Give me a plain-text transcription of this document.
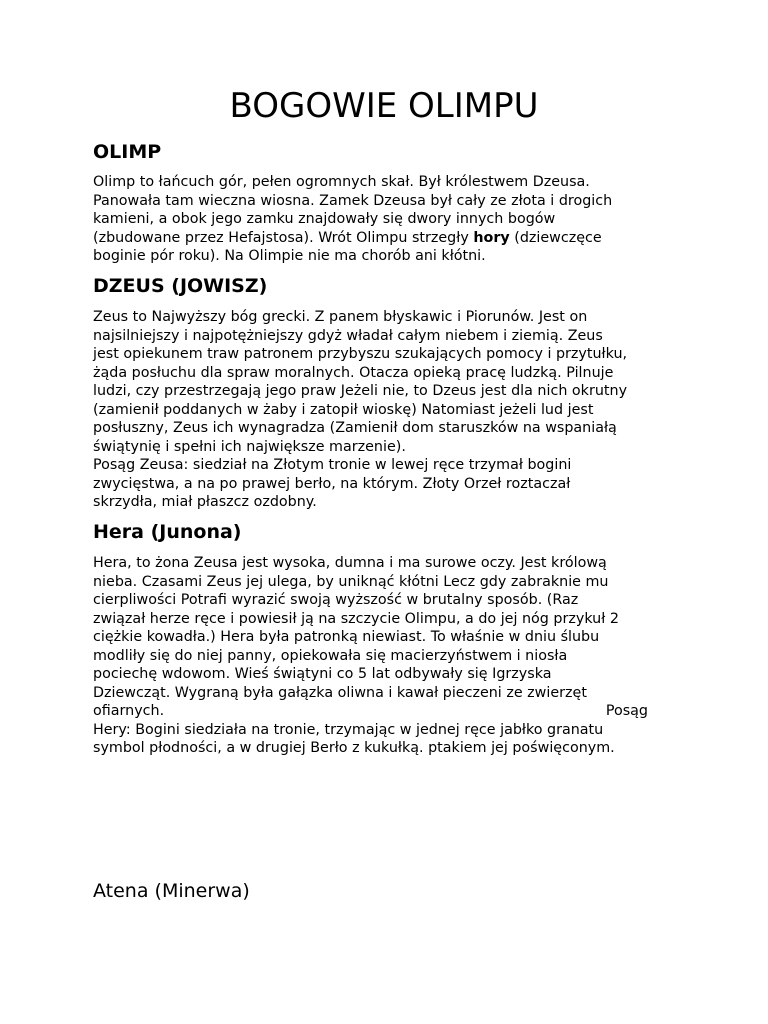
BOGOWIE OLIMPU
OLIMP
Olimp to łańcuch gór, pełen ogromnych skał. Był królestwem Dzeusa.
Panowała tam wieczna wiosna. Zamek Dzeusa był cały ze złota i drogich
kamieni, a obok jego zamku znajdowały się dwory innych bogów
(zbudowane przez Hefajstosa). Wrót Olimpu strzegły hory (dziewczęce
boginie pór roku). Na Olimpie nie ma chorób ani kłótni.
DZEUS (JOWISZ)
Zeus to Najwyższy bóg grecki. Z panem błyskawic i Piorunów. Jest on
najsilniejszy i najpotężniejszy gdyż władał całym niebem i ziemią. Zeus
jest opiekunem traw patronem przybyszu szukających pomocy i przytułku,
żąda posłuchu dla spraw moralnych. Otacza opieką pracę ludzką. Pilnuje
ludzi, czy przestrzegają jego praw Jeżeli nie, to Dzeus jest dla nich okrutny
(zamienił poddanych w żaby i zatopił wioskę) Natomiast jeżeli lud jest
posłuszny, Zeus ich wynagradza (Zamienił dom staruszków na wspaniałą
świątynię i spełni ich największe marzenie).
Posąg Zeusa: siedział na Złotym tronie w lewej ręce trzymał bogini
zwycięstwa, a na po prawej berło, na którym. Złoty Orzeł roztaczał
skrzydła, miał płaszcz ozdobny.
Hera (Junona)
Hera, to żona Zeusa jest wysoka, dumna i ma surowe oczy. Jest królową
nieba. Czasami Zeus jej ulega, by uniknąć kłótni Lecz gdy zabraknie mu
cierpliwości Potrafi wyrazić swoją wyższość w brutalny sposób. (Raz
związał herze ręce i powiesił ją na szczycie Olimpu, a do jej nóg przykuł 2
ciężkie kowadła.) Hera była patronką niewiast. To właśnie w dniu ślubu
modliły się do niej panny, opiekowała się macierzyństwem i niosła
pociechę wdowom. Wieś świątyni co 5 lat odbywały się Igrzyska
Dziewcząt. Wygraną była gałązka oliwna i kawał pieczeni ze zwierzęt
ofiarnych.	Posąg
Hery: Bogini siedziała na tronie, trzymając w jednej ręce jabłko granatu
symbol płodności, a w drugiej Berło z kukułką. ptakiem jej poświęconym.
Atena (Minerwa)
